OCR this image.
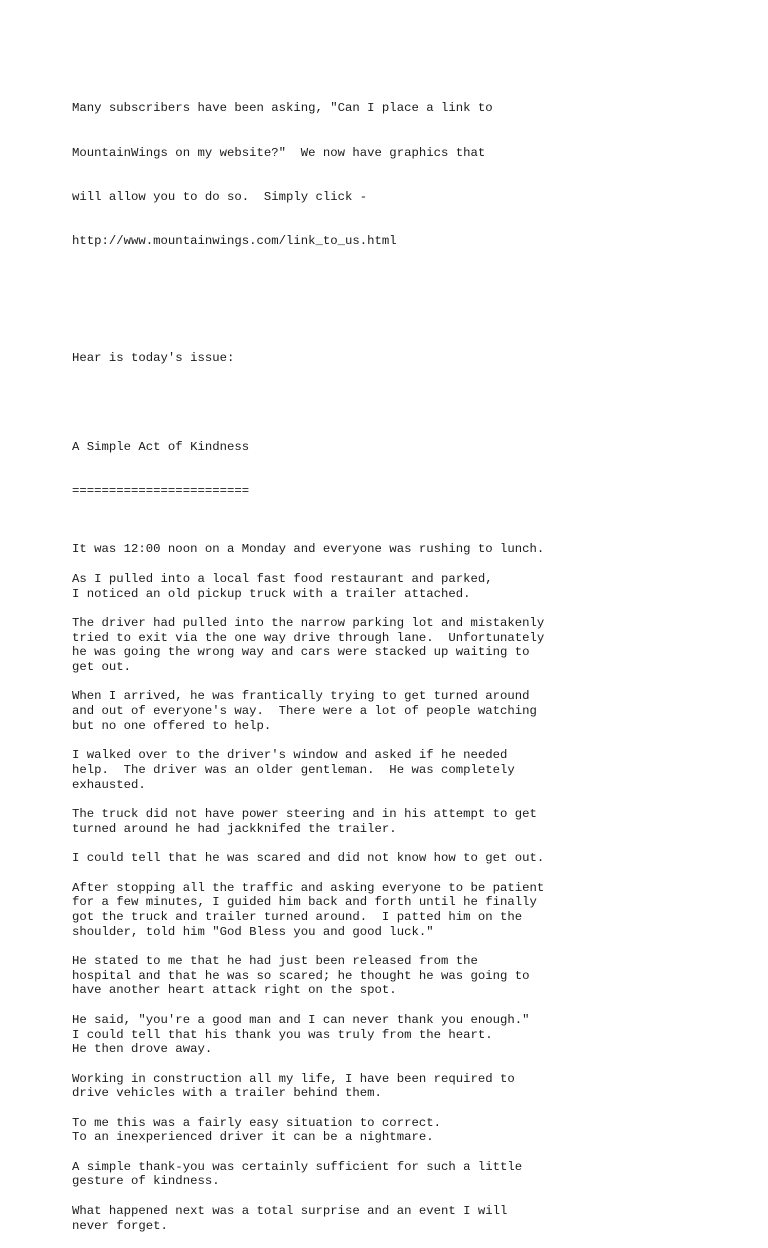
Many subscribers have been asking, "Can I place a link to

MountainWings on my website?"  We now have graphics that

will allow you to do so.  Simply click -

http://www.mountainwings.com/link_to_us.html

Hear is today's issue:

A Simple Act of Kindness

========================

It was 12:00 noon on a Monday and everyone was rushing to lunch.
As I pulled into a local fast food restaurant and parked,
I noticed an old pickup truck with a trailer attached.
The driver had pulled into the narrow parking lot and mistakenly
tried to exit via the one way drive through lane.  Unfortunately
he was going the wrong way and cars were stacked up waiting to
get out.
When I arrived, he was frantically trying to get turned around
and out of everyone's way.  There were a lot of people watching
but no one offered to help.
I walked over to the driver's window and asked if he needed
help.  The driver was an older gentleman.  He was completely
exhausted.
The truck did not have power steering and in his attempt to get
turned around he had jackknifed the trailer.
I could tell that he was scared and did not know how to get out.
After stopping all the traffic and asking everyone to be patient
for a few minutes, I guided him back and forth until he finally
got the truck and trailer turned around.  I patted him on the
shoulder, told him "God Bless you and good luck."
He stated to me that he had just been released from the
hospital and that he was so scared; he thought he was going to
have another heart attack right on the spot.
He said, "you're a good man and I can never thank you enough."
I could tell that his thank you was truly from the heart.
He then drove away.
Working in construction all my life, I have been required to
drive vehicles with a trailer behind them.
To me this was a fairly easy situation to correct.
To an inexperienced driver it can be a nightmare.
A simple thank-you was certainly sufficient for such a little
gesture of kindness.
What happened next was a total surprise and an event I will
never forget.
